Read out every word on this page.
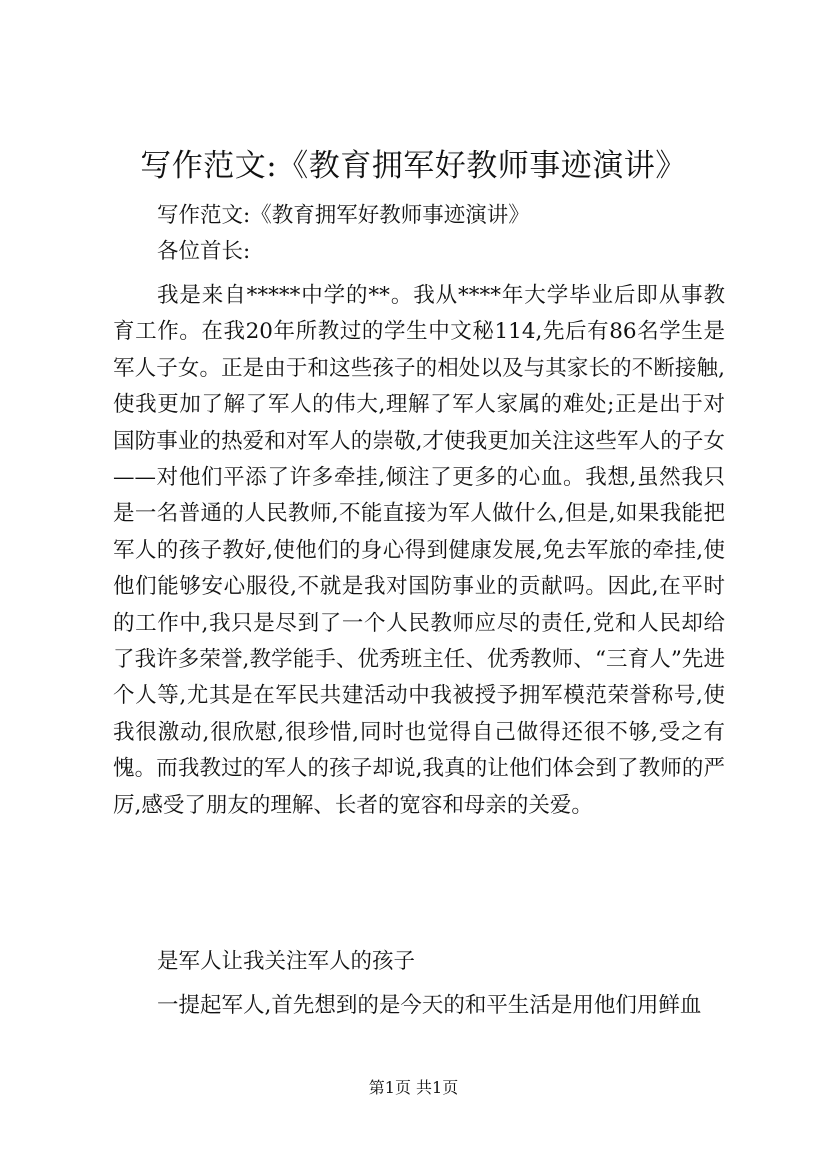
写作范文:《教育拥军好教师事迹演讲》

写作范文:《教育拥军好教师事迹演讲》

各位首长:

我是来自*****中学的**。我从****年大学毕业后即从事教育工作。在我20年所教过的学生中文秘114,先后有86名学生是军人子女。正是由于和这些孩子的相处以及与其家长的不断接触,使我更加了解了军人的伟大,理解了军人家属的难处;正是出于对国防事业的热爱和对军人的崇敬,才使我更加关注这些军人的子女——对他们平添了许多牵挂,倾注了更多的心血。我想,虽然我只是一名普通的人民教师,不能直接为军人做什么,但是,如果我能把军人的孩子教好,使他们的身心得到健康发展,免去军旅的牵挂,使他们能够安心服役,不就是我对国防事业的贡献吗。因此,在平时的工作中,我只是尽到了一个人民教师应尽的责任,党和人民却给了我许多荣誉,教学能手、优秀班主任、优秀教师、“三育人”先进个人等,尤其是在军民共建活动中我被授予拥军模范荣誉称号,使我很激动,很欣慰,很珍惜,同时也觉得自己做得还很不够,受之有愧。而我教过的军人的孩子却说,我真的让他们体会到了教师的严厉,感受了朋友的理解、长者的宽容和母亲的关爱。

是军人让我关注军人的孩子

一提起军人,首先想到的是今天的和平生活是用他们用鲜血

第1页 共1页
